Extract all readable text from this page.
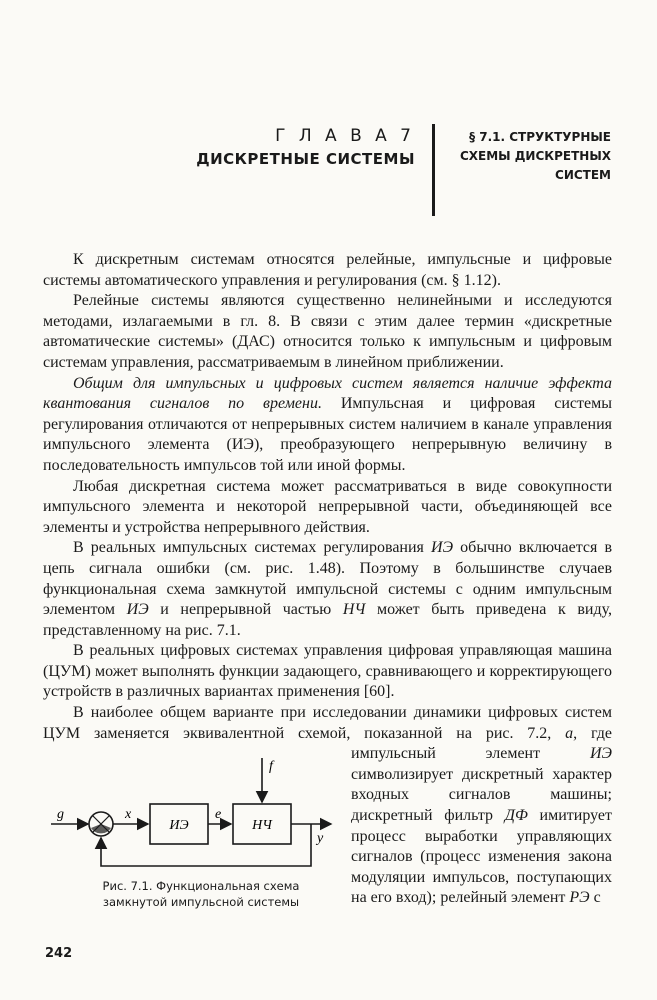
Г Л А В А 7
ДИСКРЕТНЫЕ СИСТЕМЫ
§ 7.1. СТРУКТУРНЫЕ
СХЕМЫ ДИСКРЕТНЫХ
СИСТЕМ

К дискретным системам относятся релейные, импульсные и цифровые системы автоматического управления и регулирования (см. § 1.12).

Релейные системы являются существенно нелинейными и исследуются методами, излагаемыми в гл. 8. В связи с этим далее термин «дискретные автоматические системы» (ДАС) относится только к импульсным и цифровым системам управления, рассматриваемым в линейном приближении.

Общим для импульсных и цифровых систем является наличие эффекта квантования сигналов по времени. Импульсная и цифровая системы регулирования отличаются от непрерывных систем наличием в канале управления импульсного элемента (ИЭ), преобразующего непрерывную величину в последовательность импульсов той или иной формы.

Любая дискретная система может рассматриваться в виде совокупности импульсного элемента и некоторой непрерывной части, объединяющей все элементы и устройства непрерывного действия.

В реальных импульсных системах регулирования ИЭ обычно включается в цепь сигнала ошибки (см. рис. 1.48). Поэтому в большинстве случаев функциональная схема замкнутой импульсной системы с одним импульсным элементом ИЭ и непрерывной частью НЧ может быть приведена к виду, представленному на рис. 7.1.

В реальных цифровых системах управления цифровая управляющая машина (ЦУМ) может выполнять функции задающего, сравнивающего и корректирующего устройств в различных вариантах применения [60].

В наиболее общем варианте при исследовании динамики цифровых систем ЦУМ заменяется эквивалентной схемой, показанной на
g	x	e
f
y
ИЭ	НЧ
Рис. 7.1. Функциональная схема
замкнутой импульсной системы
рис. 7.2, а, где импульсный элемент ИЭ символизирует дискретный характер входных сигналов машины; дискретный фильтр ДФ имитирует процесс выработки управляющих сигналов (процесс изменения закона модуляции импульсов, поступающих на его вход); релейный элемент РЭ с

242
